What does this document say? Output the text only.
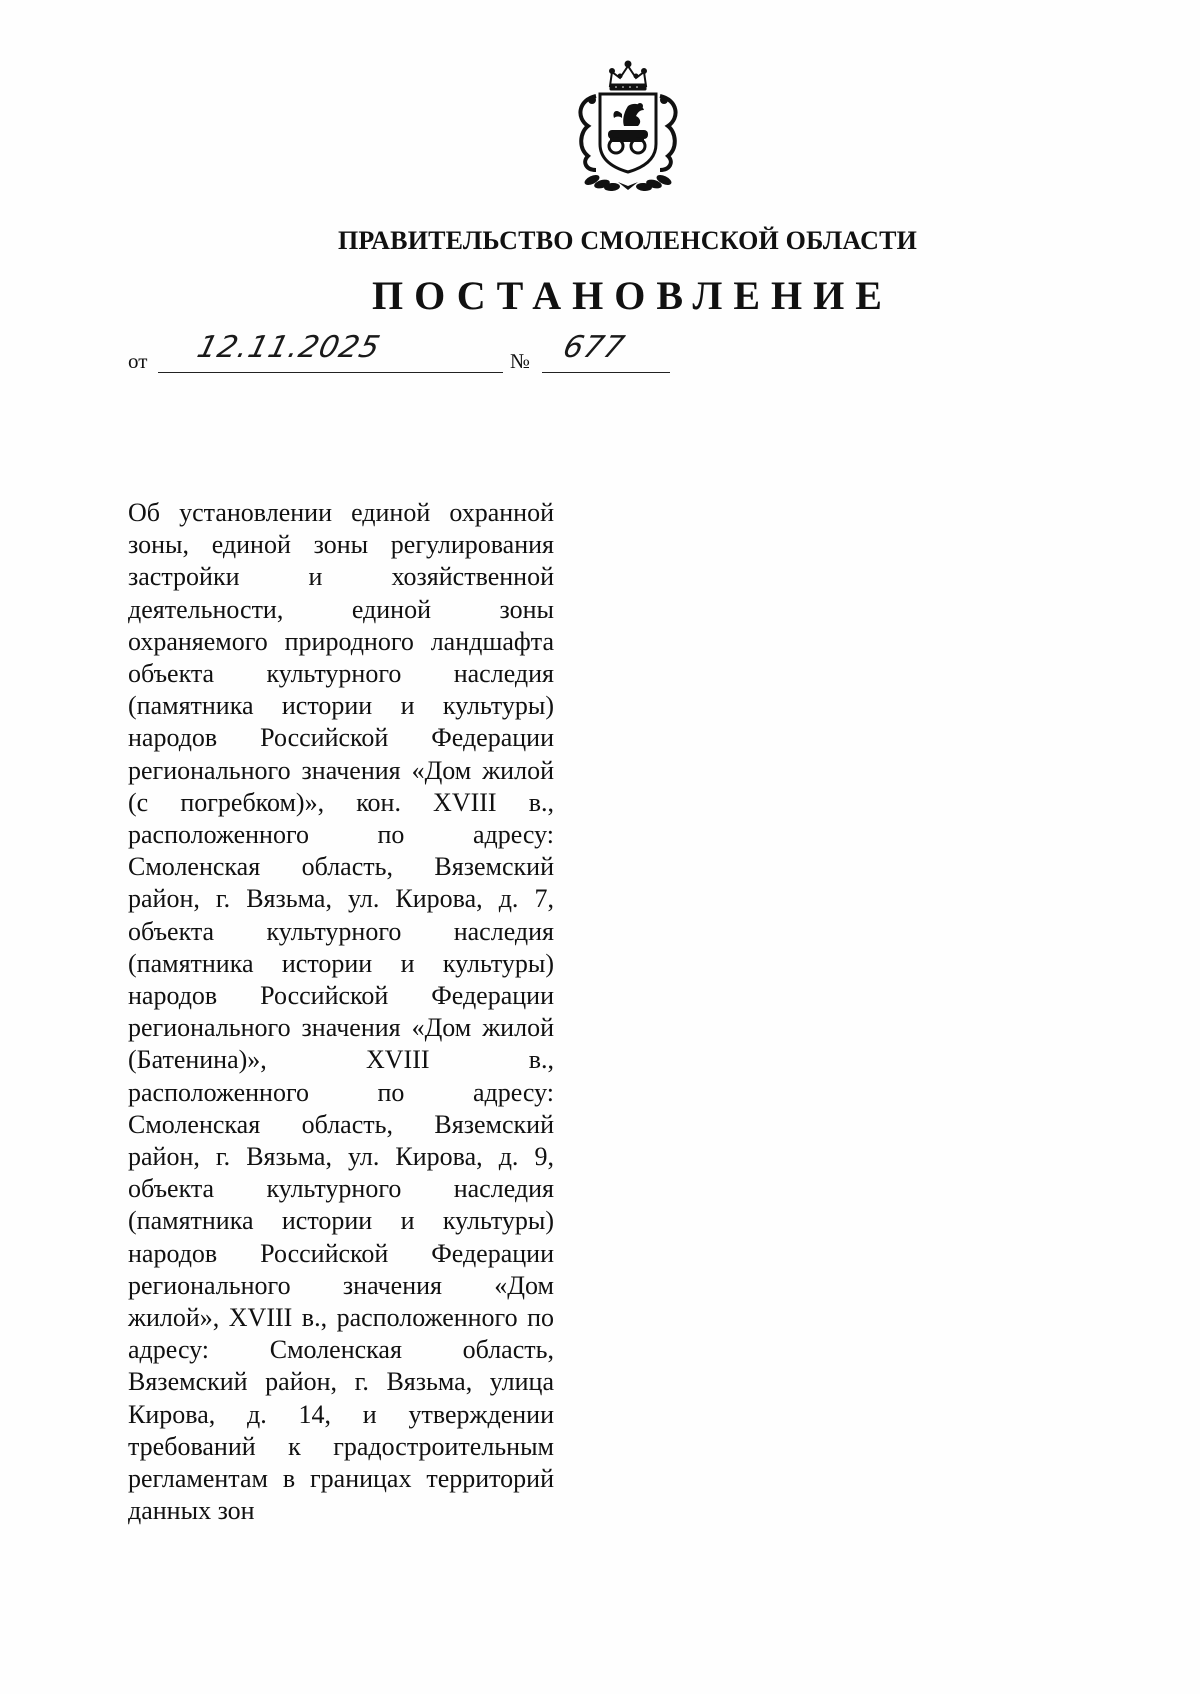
ПРАВИТЕЛЬСТВО СМОЛЕНСКОЙ ОБЛАСТИ
ПОСТАНОВЛЕНИЕ
от 12.11.2025	№ 677

Об установлении единой охранной зоны, единой зоны регулирования застройки и хозяйственной деятельности, единой зоны охраняемого природного ландшафта объекта культурного наследия (памятника истории и культуры) народов Российской Федерации регионального значения «Дом жилой (с погребком)», кон. XVIII в., расположенного по адресу: Смоленская область, Вяземский район, г. Вязьма, ул. Кирова, д. 7, объекта культурного наследия (памятника истории и культуры) народов Российской Федерации регионального значения «Дом жилой (Батенина)», XVIII в., расположенного по адресу: Смоленская область, Вяземский район, г. Вязьма, ул. Кирова, д. 9, объекта культурного наследия (памятника истории и культуры) народов Российской Федерации регионального значения «Дом жилой», XVIII в., расположенного по адресу: Смоленская область, Вяземский район, г. Вязьма, улица Кирова, д. 14, и утверждении требований к градостроительным регламентам в границах территорий данных зон
